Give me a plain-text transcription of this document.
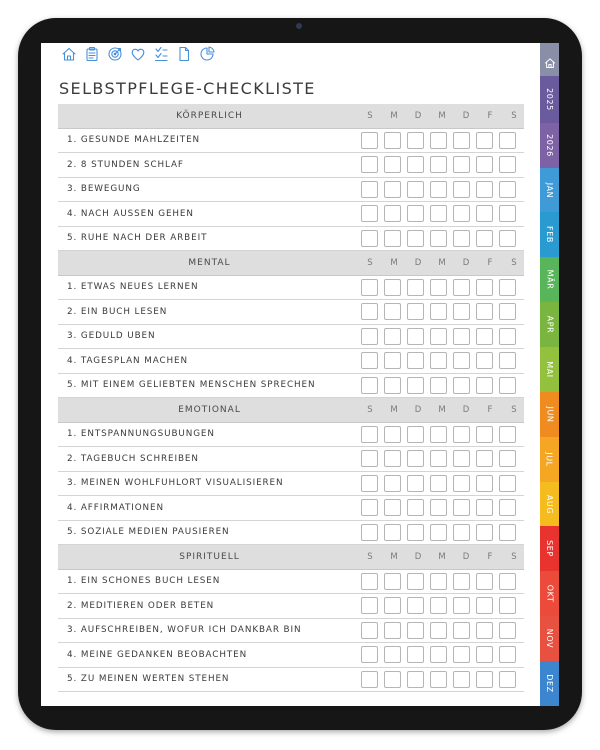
SELBSTPFLEGE-CHECKLISTE
KÖRPERLICH	S	M	D	M	D	F	S
1. GESUNDE MAHLZEITEN
2. 8 STUNDEN SCHLAF
3. BEWEGUNG
4. NACH AUSSEN GEHEN
5. RUHE NACH DER ARBEIT
MENTAL	S	M	D	M	D	F	S
1. ETWAS NEUES LERNEN
2. EIN BUCH LESEN
3. GEDULD ÜBEN
4. TAGESPLAN MACHEN
5. MIT EINEM GELIEBTEN MENSCHEN SPRECHEN
EMOTIONAL	S	M	D	M	D	F	S
1. ENTSPANNUNGSÜBUNGEN
2. TAGEBUCH SCHREIBEN
3. MEINEN WOHLFÜHLORT VISUALISIEREN
4. AFFIRMATIONEN
5. SOZIALE MEDIEN PAUSIEREN
SPIRITUELL	S	M	D	M	D	F	S
1. EIN SCHÖNES BUCH LESEN
2. MEDITIEREN ODER BETEN
3. AUFSCHREIBEN, WOFÜR ICH DANKBAR BIN
4. MEINE GEDANKEN BEOBACHTEN
5. ZU MEINEN WERTEN STEHEN
2025
2026
JAN
FEB
MÄR
APR
MAI
JUN
JUL
AUG
SEP
OKT
NOV
DEZ
